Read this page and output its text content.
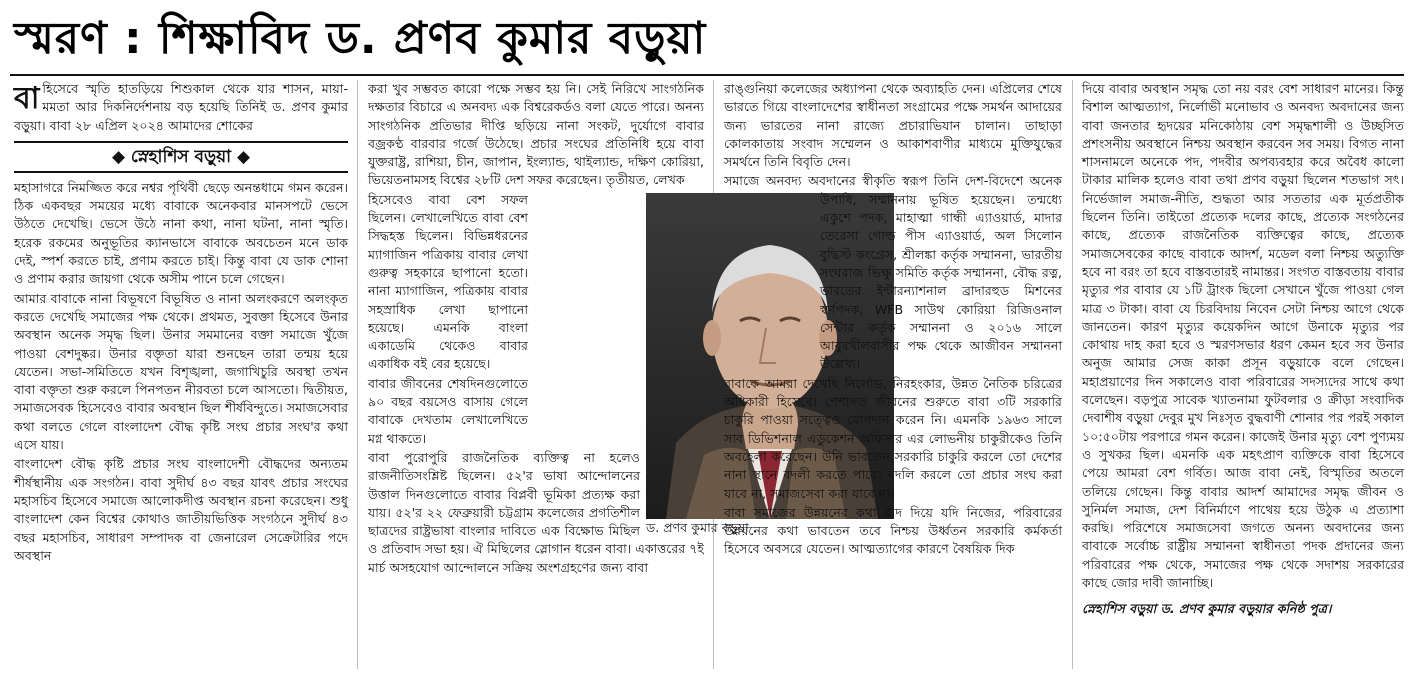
স্মরণ : শিক্ষাবিদ ড. প্রণব কুমার বড়ুয়া

বা হিসেবে স্মৃতি হাতড়িয়ে শিশুকাল থেকে যার শাসন, মায়া-মমতা আর দিকনির্দেশনায় বড় হয়েছি তিনিই ড. প্রণব কুমার বড়ুয়া। বাবা ২৮ এপ্রিল ২০২৪ আমাদের শোকের

◆ স্নেহাশিস বড়ুয়া ◆

মহাসাগরে নিমজ্জিত করে নশ্বর পৃথিবী ছেড়ে অনন্তধামে গমন করেন। ঠিক একবছর সময়ের মধ্যে বাবাকে অনেকবার মানসপটে ভেসে উঠতে দেখেছি। ভেসে উঠে নানা কথা, নানা ঘটনা, নানা স্মৃতি। হরেক রকমের অনুভূতির ক্যানভাসে বাবাকে অবচেতন মনে ডাক দেই, স্পর্শ করতে চাই, প্রণাম করতে চাই। কিন্তু বাবা যে ডাক শোনা ও প্রণাম করার জায়গা থেকে অসীম পানে চলে গেছেন।

আমার বাবাকে নানা বিভূষণে বিভূষিত ও নানা অলংকরণে অলংকৃত করতে দেখেছি সমাজের পক্ষ থেকে। প্রথমত, সুবক্তা হিসেবে উনার অবস্থান অনেক সমৃদ্ধ ছিল। উনার সমমানের বক্তা সমাজে খুঁজে পাওয়া বেশদুষ্কর। উনার বক্তৃতা যারা শুনছেন তারা তন্ময় হয়ে যেতেন। সভা-সমিতিতে যখন বিশৃঙ্খলা, জগাখিচুরি অবস্থা তখন বাবা বক্তৃতা শুরু করলে পিনপতন নীরবতা চলে আসতো। দ্বিতীয়ত, সমাজসেবক হিসেবেও বাবার অবস্থান ছিল শীর্ষবিন্দুতে। সমাজসেবার কথা বলতে গেলে বাংলাদেশ বৌদ্ধ কৃষ্টি সংঘ প্রচার সংঘ'র কথা এসে যায়।

বাংলাদেশ বৌদ্ধ কৃষ্টি প্রচার সংঘ বাংলাদেশী বৌদ্ধদের অন্যতম শীর্ষস্থানীয় এক সংগঠন। বাবা সুদীর্ঘ ৪৩ বছর যাবৎ প্রচার সংঘের মহাসচিব হিসেবে সমাজে আলোকদীপ্ত অবস্থান রচনা করেছেন। শুধু বাংলাদেশ কেন বিশ্বের কোথাও জাতীয়ভিত্তিক সংগঠনে সুদীর্ঘ ৪৩ বছর মহাসচিব, সাধারণ সম্পাদক বা জেনারেল সেক্রেটারির পদে অবস্থান

করা খুব সম্ভবত কারো পক্ষে সম্ভব হয় নি। সেই নিরিখে সাংগঠনিক দক্ষতার বিচারে এ অনবদ্য এক বিশ্বরেকর্ডও বলা যেতে পারে। অনন্য সাংগঠনিক প্রতিভার দীপ্তি ছড়িয়ে নানা সংকট, দুর্যোগে বাবার বজ্রকণ্ঠ বারবার গর্জে উঠেছে। প্রচার সংঘের প্রতিনিধি হয়ে বাবা যুক্তরাষ্ট্র, রাশিয়া, চীন, জাপান, ইংল্যান্ড, থাইল্যান্ড, দক্ষিণ কোরিয়া, ভিয়েতনামসহ বিশ্বের ২৮টি দেশ সফর করেছেন। তৃতীয়ত, লেখক

ড. প্রণব কুমার বড়ুয়া

হিসেবেও বাবা বেশ সফল ছিলেন। লেখালেখিতে বাবা বেশ সিদ্ধহস্ত ছিলেন। বিভিন্নধরনের ম্যাগাজিন পত্রিকায় বাবার লেখা গুরুত্ব সহকারে ছাপানো হতো। নানা ম্যাগাজিন, পত্রিকায় বাবার সহস্রাধিক লেখা ছাপানো হয়েছে। এমনকি বাংলা একাডেমি থেকেও বাবার একাধিক বই বের হয়েছে।

বাবার জীবনের শেষদিনগুলোতে ৯০ বছর বয়সেও বাসায় গেলে বাবাকে দেখতাম লেখালেখিতে মগ্ন থাকতে।

বাবা পুরোপুরি রাজনৈতিক ব্যক্তিত্ব না হলেও রাজনীতিসংশ্লিষ্ট ছিলেন। ৫২'র ভাষা আন্দোলনের উত্তাল দিনগুলোতে বাবার বিপ্লবী ভূমিকা প্রত্যক্ষ করা যায়। ৫২'র ২২ ফেব্রুয়ারী চট্টগ্রাম কলেজের প্রগতিশীল ছাত্রদের রাষ্ট্রভাষা বাংলার দাবিতে এক বিক্ষোভ মিছিল ও প্রতিবাদ সভা হয়। ঐ মিছিলের স্লোগান ধরেন বাবা। একাত্তরের ৭ই মার্চ অসহযোগ আন্দোলনে সক্রিয় অংশগ্রহণের জন্য বাবা

রাঙ্গুনিয়া কলেজের অধ্যাপনা থেকে অব্যাহতি দেন। এপ্রিলের শেষে ভারতে গিয়ে বাংলাদেশের স্বাধীনতা সংগ্রামের পক্ষে সমর্থন আদায়ের জন্য ভারতের নানা রাজ্যে প্রচারাভিযান চালান। তাছাড়া কোলকাতায় সংবাদ সম্মেলন ও আকাশবাণীর মাধ্যমে মুক্তিযুদ্ধের সমর্থনে তিনি বিবৃতি দেন।

সমাজে অনবদ্য অবদানের স্বীকৃতি স্বরূপ তিনি দেশ-বিদেশে অনেক উপাধি, সম্মাননায় ভূষিত হয়েছেন। তন্মধ্যে একুশে পদক, মাহাত্মা গান্ধী এ্যাওয়ার্ড, মাদার তেরেসা গোল্ড পীস এ্যাওয়ার্ড, অল সিলোন বুদ্ধিস্ট কংগ্রেস, শ্রীলঙ্কা কর্তৃক সম্মাননা, ভারতীয় সংঘরাজ ভিক্ষু সমিতি কর্তৃক সম্মাননা, বৌদ্ধ রত্ন, ভারতের ইন্টারন্যাশনাল ব্রাদারহুড মিশনের স্বর্ণপদক, WFB সাউথ কোরিয়া রিজিওনাল সেন্টার কর্তৃক সম্মাননা ও ২০১৬ সালে আবুরখীলবাসীর পক্ষ থেকে আজীবন সম্মাননা উল্লেখ্য।

বাবাকে আমরা দেখেছি নির্লোভ, নিরহংকার, উন্নত নৈতিক চরিত্রের অধিকারী হিসেবে। পেশাগত জীবনের শুরুতে বাবা ৩টি সরকারি চাকুরি পাওয়া সত্ত্বেও যোগদান করেন নি। এমনকি ১৯৬৩ সালে সাব ডিভিশনাল এডুকেশন অফিসার এর লোভনীয় চাকুরীকেও তিনি অবহেলা করেছেন। উনি ভাবতেন সরকারি চাকুরি করলে তো দেশের নানা স্থানে বদলী করতে পারে। বদলি করলে তো প্রচার সংঘ করা যাবে না, সমাজসেবা করা যাবে না।

বাবা সমাজের উন্নয়নের কথা বাদ দিয়ে যদি নিজের, পরিবারের উন্নয়নের কথা ভাবতেন তবে নিশ্চয় উর্ধ্বতন সরকারি কর্মকর্তা হিসেবে অবসরে যেতেন। আত্মত্যাগের কারণে বৈষয়িক দিক

দিয়ে বাবার অবস্থান সমৃদ্ধ তো নয় বরং বেশ সাধারণ মানের। কিন্তু বিশাল আত্মত্যাগ, নির্লোভী মনোভাব ও অনবদ্য অবদানের জন্য বাবা জনতার হৃদয়ের মনিকোঠায় বেশ সমৃদ্ধশালী ও উচ্ছসিত প্রশংসনীয় অবস্থানে নিশ্চয় অবস্থান করবেন সব সময়। বিগত নানা শাসনামলে অনেকে পদ, পদবীর অপব্যবহার করে অবৈধ কালো টাকার মালিক হলেও বাবা তথা প্রণব বড়ুয়া ছিলেন শতভাগ সৎ। নির্ভেজাল সমাজ-নীতি, শুদ্ধতা আর সততার এক মূর্তপ্রতীক ছিলেন তিনি। তাইতো প্রত্যেক দলের কাছে, প্রত্যেক সংগঠনের কাছে, প্রত্যেক রাজনৈতিক ব্যক্তিত্বের কাছে, প্রত্যেক সমাজসেবকের কাছে বাবাকে আদর্শ, মডেল বলা নিশ্চয় অত্যুক্তি হবে না বরং তা হবে বাস্তবতারই নামান্তর। সংগত বাস্তবতায় বাবার মৃত্যুর পর বাবার যে ১টি ট্রাংক ছিলো সেখানে খুঁজে পাওয়া গেল মাত্র ৩ টাকা। বাবা যে চিরবিদায় নিবেন সেটা নিশ্চয় আগে থেকে জানতেন। কারণ মৃত্যুর কয়েকদিন আগে উনাকে মৃত্যুর পর কোথায় দাহ করা হবে ও স্মরণসভার ধরণ কেমন হবে সব উনার অনুজ আমার সেজ কাকা প্রসূন বড়ুয়াকে বলে গেছেন। মহাপ্রয়াণের দিন সকালেও বাবা পরিবারের সদস্যদের সাথে কথা বলেছেন। বড়পুত্র সাবেক খ্যাতনামা ফুটবলার ও ক্রীড়া সংবাদিক দেবাশীষ বড়ুয়া দেবুর মুখ নিঃসৃত বুদ্ধবাণী শোনার পর পরই সকাল ১০:৫০টায় পরপারে গমন করেন। কাজেই উনার মৃত্যু বেশ পুণ্যময় ও সুখকর ছিল। এমনকি এক মহৎপ্রাণ ব্যক্তিকে বাবা হিসেবে পেয়ে আমরা বেশ গর্বিত। আজ বাবা নেই, বিস্মৃতির অতলে তলিয়ে গেছেন। কিন্তু বাবার আদর্শ আমাদের সমৃদ্ধ জীবন ও সুনির্মল সমাজ, দেশ বিনির্মাণে পাথেয় হয়ে উঠুক এ প্রত্যাশা করছি। পরিশেষে সমাজসেবা জগতে অনন্য অবদানের জন্য বাবাকে সর্বোচ্চ রাষ্ট্রীয় সম্মাননা স্বাধীনতা পদক প্রদানের জন্য পরিবারের পক্ষ থেকে, সমাজের পক্ষ থেকে সদাশয় সরকারের কাছে জোর দাবী জানাচ্ছি।

স্নেহাশিস বড়ুয়া ড. প্রণব কুমার বড়ুয়ার কনিষ্ঠ পুত্র।
